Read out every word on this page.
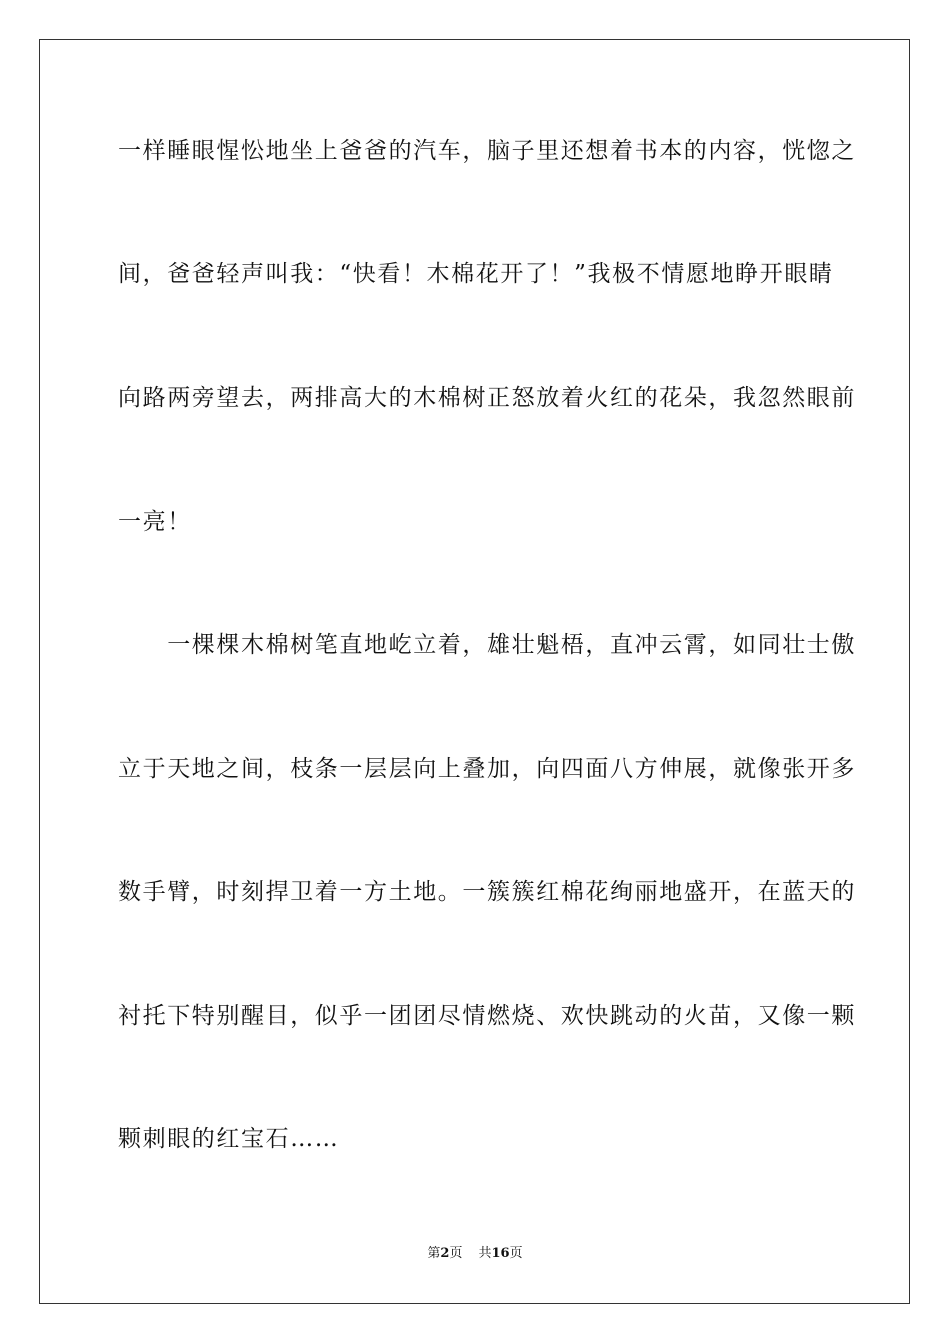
一样睡眼惺忪地坐上爸爸的汽车，脑子里还想着书本的内容，恍惚之
间，爸爸轻声叫我：“快看！木棉花开了！”我极不情愿地睁开眼睛
向路两旁望去，两排高大的木棉树正怒放着火红的花朵，我忽然眼前
一亮！
　　一棵棵木棉树笔直地屹立着，雄壮魁梧，直冲云霄，如同壮士傲
立于天地之间，枝条一层层向上叠加，向四面八方伸展，就像张开多
数手臂，时刻捍卫着一方土地。一簇簇红棉花绚丽地盛开，在蓝天的
衬托下特别醒目，似乎一团团尽情燃烧、欢快跳动的火苗，又像一颗
颗刺眼的红宝石……
第2页 共16页
